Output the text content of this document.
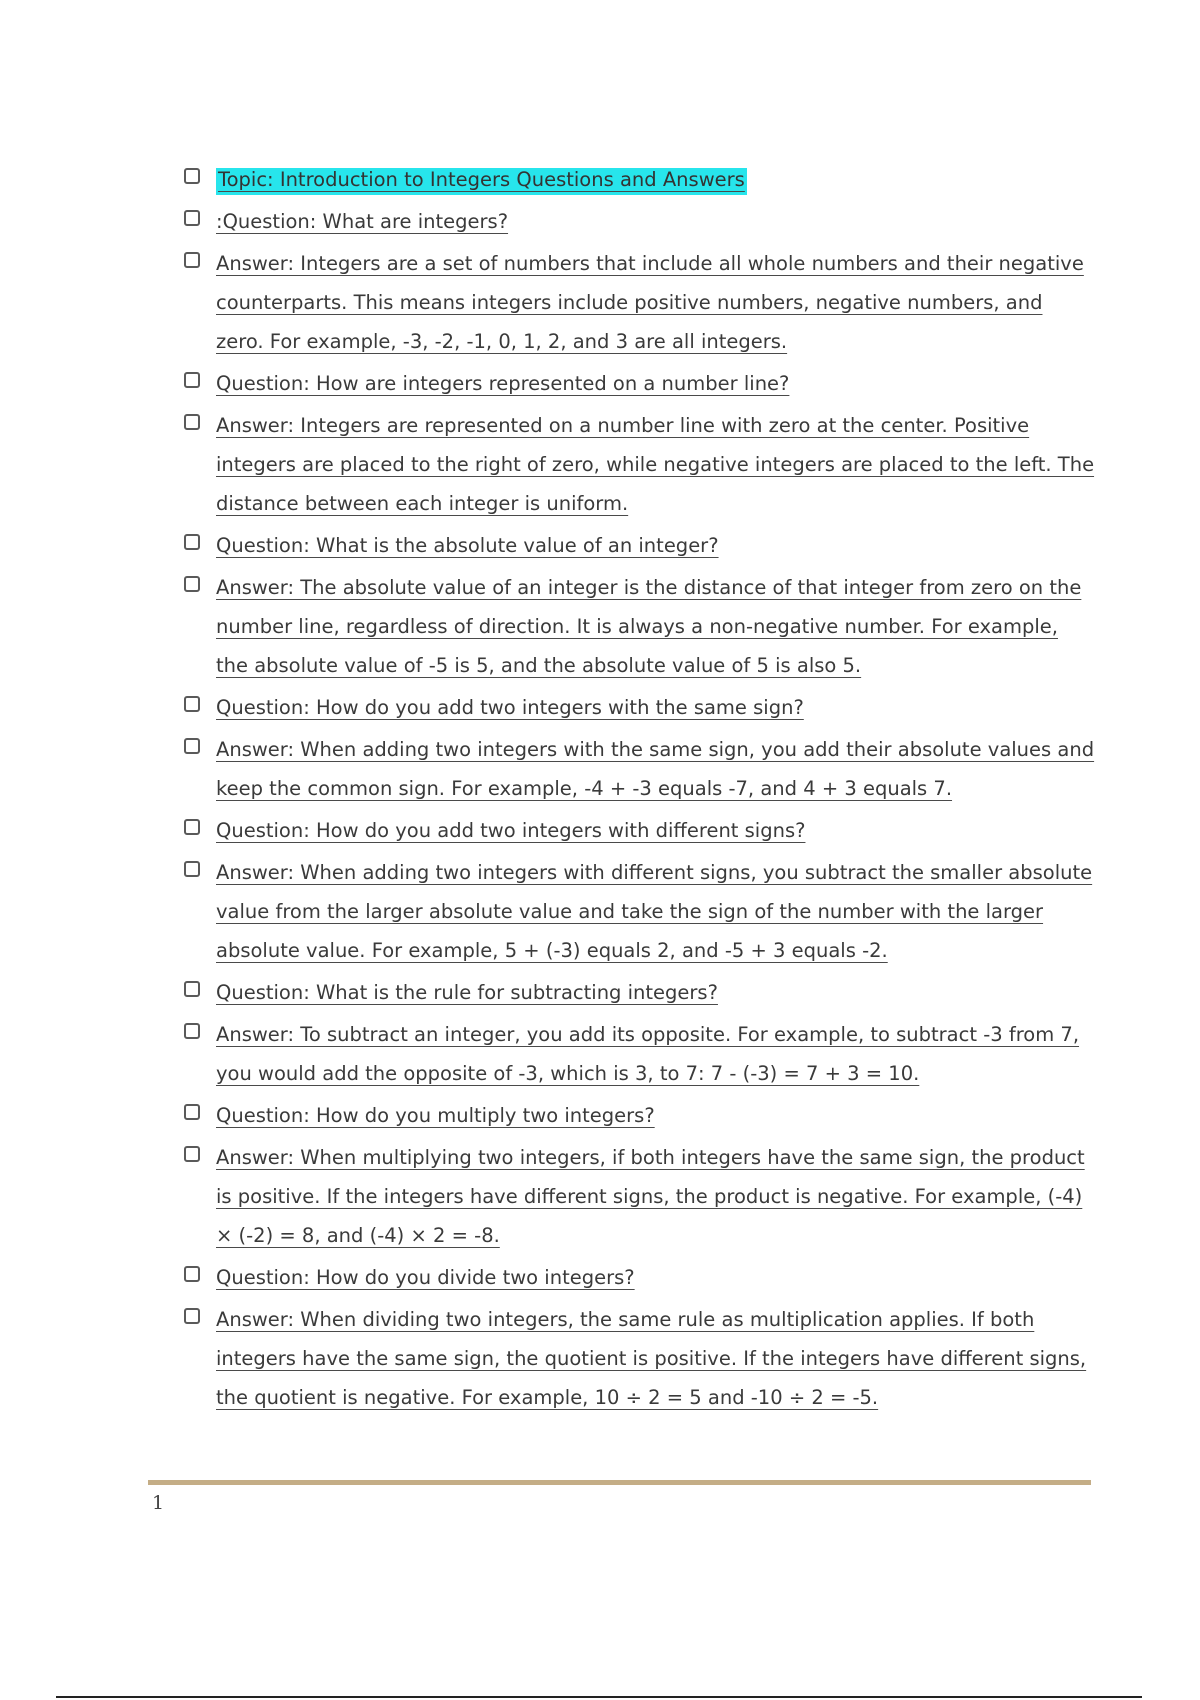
Topic: Introduction to Integers Questions and Answers
:Question: What are integers?
Answer: Integers are a set of numbers that include all whole numbers and their negative counterparts. This means integers include positive numbers, negative numbers, and zero. For example, -3, -2, -1, 0, 1, 2, and 3 are all integers.
Question: How are integers represented on a number line?
Answer: Integers are represented on a number line with zero at the center. Positive integers are placed to the right of zero, while negative integers are placed to the left. The distance between each integer is uniform.
Question: What is the absolute value of an integer?
Answer: The absolute value of an integer is the distance of that integer from zero on the number line, regardless of direction. It is always a non-negative number. For example, the absolute value of -5 is 5, and the absolute value of 5 is also 5.
Question: How do you add two integers with the same sign?
Answer: When adding two integers with the same sign, you add their absolute values and keep the common sign. For example, -4 + -3 equals -7, and 4 + 3 equals 7.
Question: How do you add two integers with different signs?
Answer: When adding two integers with different signs, you subtract the smaller absolute value from the larger absolute value and take the sign of the number with the larger absolute value. For example, 5 + (-3) equals 2, and -5 + 3 equals -2.
Question: What is the rule for subtracting integers?
Answer: To subtract an integer, you add its opposite. For example, to subtract -3 from 7, you would add the opposite of -3, which is 3, to 7: 7 - (-3) = 7 + 3 = 10.
Question: How do you multiply two integers?
Answer: When multiplying two integers, if both integers have the same sign, the product is positive. If the integers have different signs, the product is negative. For example, (-4) × (-2) = 8, and (-4) × 2 = -8.
Question: How do you divide two integers?
Answer: When dividing two integers, the same rule as multiplication applies. If both integers have the same sign, the quotient is positive. If the integers have different signs, the quotient is negative. For example, 10 ÷ 2 = 5 and -10 ÷ 2 = -5.
1
